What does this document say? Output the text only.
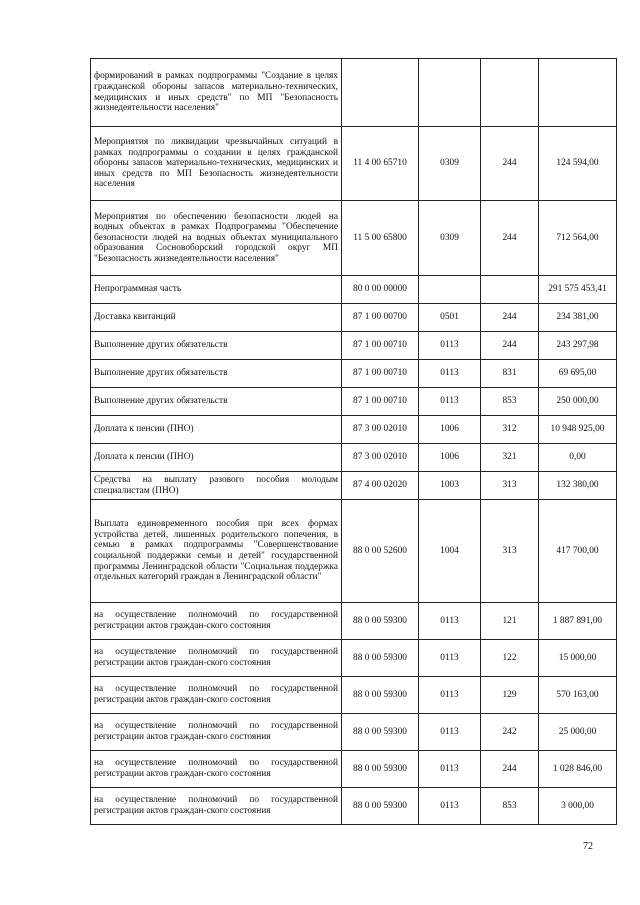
формирований в рамках подпрограммы "Создание в целях гражданской обороны запасов материально-технических, медицинских и иных средств" по МП "Безопасность жизнедеятельности населения"				
Мероприятия по ликвидации чрезвычайных ситуаций в рамках подпрограммы о создании в целях гражданской обороны запасов материально-технических, медицинских и иных средств по МП Безопасность жизнедеятельности населения	11 4 00 65710	0309	244	124 594,00
Мероприятия по обеспечению безопасности людей на водных объектах в рамках Подпрограммы "Обеспечение безопасности людей на водных объектах муниципального образования Сосновоборский городской округ МП "Безопасность жизнедеятельности населения"	11 5 00 65800	0309	244	712 564,00
Непрограммная часть	80 0 00 00000			291 575 453,41
Доставка квитанций	87 1 00 00700	0501	244	234 381,00
Выполнение других обязательств	87 1 00 00710	0113	244	243 297,98
Выполнение других обязательств	87 1 00 00710	0113	831	69 695,00
Выполнение других обязательств	87 1 00 00710	0113	853	250 000,00
Доплата к пенсии (ПНО)	87 3 00 02010	1006	312	10 948 925,00
Доплата к пенсии (ПНО)	87 3 00 02010	1006	321	0,00
Средства на выплату разового пособия молодым специалистам (ПНО)	87 4 00 02020	1003	313	132 380,00
Выплата единовременного пособия при всех формах устройства детей, лишенных родительского попечения, в семью в рамках подпрограммы "Совершенствование социальной поддержки семьи и детей" государственной программы Ленинградской области "Социальная поддержка отдельных категорий граждан в Ленинградской области"	88 0 00 52600	1004	313	417 700,00
на осуществление полномочий по государственной регистрации актов граждан-ского состояния	88 0 00 59300	0113	121	1 887 891,00
на осуществление полномочий по государственной регистрации актов граждан-ского состояния	88 0 00 59300	0113	122	15 000,00
на осуществление полномочий по государственной регистрации актов граждан-ского состояния	88 0 00 59300	0113	129	570 163,00
на осуществление полномочий по государственной регистрации актов граждан-ского состояния	88 0 00 59300	0113	242	25 000,00
на осуществление полномочий по государственной регистрации актов граждан-ского состояния	88 0 00 59300	0113	244	1 028 846,00
на осуществление полномочий по государственной регистрации актов граждан-ского состояния	88 0 00 59300	0113	853	3 000,00
72
